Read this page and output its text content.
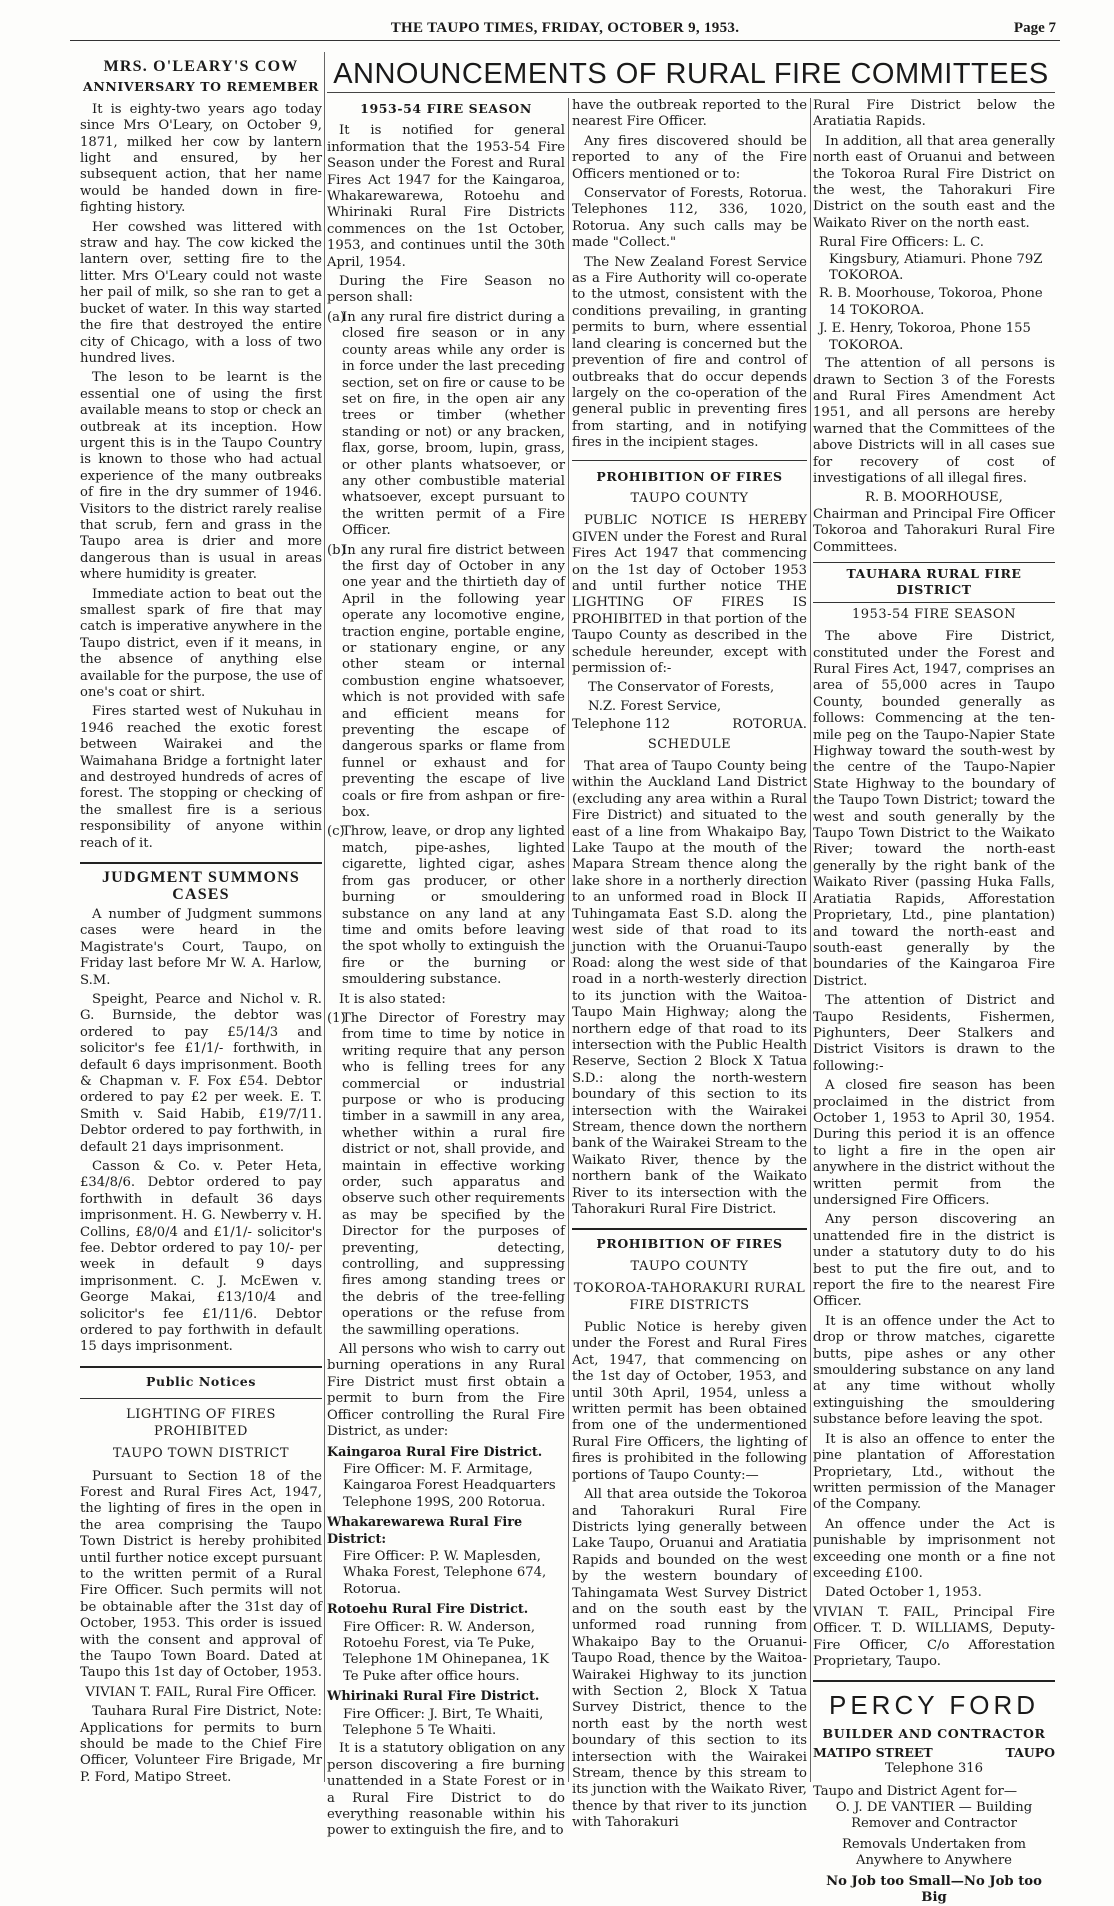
THE TAUPO TIMES, FRIDAY, OCTOBER 9, 1953.	Page 7
ANNOUNCEMENTS OF RURAL FIRE COMMITTEES
MRS. O'LEARY'S COW
ANNIVERSARY TO REMEMBER

It is eighty-two years ago today since Mrs O'Leary, on October 9, 1871, milked her cow by lantern light and ensured, by her subsequent action, that her name would be handed down in fire-fighting history.

Her cowshed was littered with straw and hay. The cow kicked the lantern over, setting fire to the litter. Mrs O'Leary could not waste her pail of milk, so she ran to get a bucket of water. In this way started the fire that destroyed the entire city of Chicago, with a loss of two hundred lives.

The leson to be learnt is the essential one of using the first available means to stop or check an outbreak at its inception. How urgent this is in the Taupo Country is known to those who had actual experience of the many outbreaks of fire in the dry summer of 1946. Visitors to the district rarely realise that scrub, fern and grass in the Taupo area is drier and more dangerous than is usual in areas where humidity is greater.

Immediate action to beat out the smallest spark of fire that may catch is imperative anywhere in the Taupo district, even if it means, in the absence of anything else available for the purpose, the use of one's coat or shirt.

Fires started west of Nukuhau in 1946 reached the exotic forest between Wairakei and the Waimahana Bridge a fortnight later and destroyed hundreds of acres of forest. The stopping or checking of the smallest fire is a serious responsibility of anyone within reach of it.

JUDGMENT SUMMONS CASES

A number of Judgment summons cases were heard in the Magistrate's Court, Taupo, on Friday last before Mr W. A. Harlow, S.M.

Speight, Pearce and Nichol v. R. G. Burnside, the debtor was ordered to pay £5/14/3 and solicitor's fee £1/1/- forthwith, in default 6 days imprisonment. Booth & Chapman v. F. Fox £54. Debtor ordered to pay £2 per week. E. T. Smith v. Said Habib, £19/7/11. Debtor ordered to pay forthwith, in default 21 days imprisonment.

Casson & Co. v. Peter Heta, £34/8/6. Debtor ordered to pay forthwith in default 36 days imprisonment. H. G. Newberry v. H. Collins, £8/0/4 and £1/1/- solicitor's fee. Debtor ordered to pay 10/- per week in default 9 days imprisonment. C. J. McEwen v. George Makai, £13/10/4 and solicitor's fee £1/11/6. Debtor ordered to pay forthwith in default 15 days imprisonment.

Public Notices
LIGHTING OF FIRES PROHIBITED
TAUPO TOWN DISTRICT

Pursuant to Section 18 of the Forest and Rural Fires Act, 1947, the lighting of fires in the open in the area comprising the Taupo Town District is hereby prohibited until further notice except pursuant to the written permit of a Rural Fire Officer. Such permits will not be obtainable after the 31st day of October, 1953. This order is issued with the consent and approval of the Taupo Town Board. Dated at Taupo this 1st day of October, 1953.

VIVIAN T. FAIL, Rural Fire Officer.

Tauhara Rural Fire District, Note: Applications for permits to burn should be made to the Chief Fire Officer, Volunteer Fire Brigade, Mr P. Ford, Matipo Street.

1953-54 FIRE SEASON

It is notified for general information that the 1953-54 Fire Season under the Forest and Rural Fires Act 1947 for the Kaingaroa, Whakarewarewa, Rotoehu and Whirinaki Rural Fire Districts commences on the 1st October, 1953, and continues until the 30th April, 1954.

During the Fire Season no person shall:

(a)In any rural fire district during a closed fire season or in any county areas while any order is in force under the last preceding section, set on fire or cause to be set on fire, in the open air any trees or timber (whether standing or not) or any bracken, flax, gorse, broom, lupin, grass, or other plants whatsoever, or any other combustible material whatsoever, except pursuant to the written permit of a Fire Officer.
(b)In any rural fire district between the first day of October in any one year and the thirtieth day of April in the following year operate any locomotive engine, traction engine, portable engine, or stationary engine, or any other steam or internal combustion engine whatsoever, which is not provided with safe and efficient means for preventing the escape of dangerous sparks or flame from funnel or exhaust and for preventing the escape of live coals or fire from ashpan or fire-box.
(c)Throw, leave, or drop any lighted match, pipe-ashes, lighted cigarette, lighted cigar, ashes from gas producer, or other burning or smouldering substance on any land at any time and omits before leaving the spot wholly to extinguish the fire or the burning or smouldering substance.

It is also stated:

(1)The Director of Forestry may from time to time by notice in writing require that any person who is felling trees for any commercial or industrial purpose or who is producing timber in a sawmill in any area, whether within a rural fire district or not, shall provide, and maintain in effective working order, such apparatus and observe such other requirements as may be specified by the Director for the purposes of preventing, detecting, controlling, and suppressing fires among standing trees or the debris of the tree-felling operations or the refuse from the sawmilling operations.

All persons who wish to carry out burning operations in any Rural Fire District must first obtain a permit to burn from the Fire Officer controlling the Rural Fire District, as under:

Kaingaroa Rural Fire District.
Fire Officer: M. F. Armitage, Kaingaroa Forest Headquarters Telephone 199S, 200 Rotorua.
Whakarewarewa Rural Fire District:
Fire Officer: P. W. Maplesden, Whaka Forest, Telephone 674, Rotorua.
Rotoehu Rural Fire District.
Fire Officer: R. W. Anderson, Rotoehu Forest, via Te Puke, Telephone 1M Ohinepanea, 1K Te Puke after office hours.
Whirinaki Rural Fire District.
Fire Officer: J. Birt, Te Whaiti, Telephone 5 Te Whaiti.

It is a statutory obligation on any person discovering a fire burning unattended in a State Forest or in a Rural Fire District to do everything reasonable within his power to extinguish the fire, and to

have the outbreak reported to the nearest Fire Officer.

Any fires discovered should be reported to any of the Fire Officers mentioned or to:

Conservator of Forests, Rotorua. Telephones 112, 336, 1020, Rotorua. Any such calls may be made "Collect."

The New Zealand Forest Service as a Fire Authority will co-operate to the utmost, consistent with the conditions prevailing, in granting permits to burn, where essential land clearing is concerned but the prevention of fire and control of outbreaks that do occur depends largely on the co-operation of the general public in preventing fires from starting, and in notifying fires in the incipient stages.

PROHIBITION OF FIRES
TAUPO COUNTY

PUBLIC NOTICE IS HEREBY GIVEN under the Forest and Rural Fires Act 1947 that commencing on the 1st day of October 1953 and until further notice THE LIGHTING OF FIRES IS PROHIBITED in that portion of the Taupo County as described in the schedule hereunder, except with permission of:-

The Conservator of Forests,
N.Z. Forest Service,
Telephone 112	ROTORUA.
SCHEDULE

That area of Taupo County being within the Auckland Land District (excluding any area within a Rural Fire District) and situated to the east of a line from Whakaipo Bay, Lake Taupo at the mouth of the Mapara Stream thence along the lake shore in a northerly direction to an unformed road in Block II Tuhingamata East S.D. along the west side of that road to its junction with the Oruanui-Taupo Road: along the west side of that road in a north-westerly direction to its junction with the Waitoa-Taupo Main Highway; along the northern edge of that road to its intersection with the Public Health Reserve, Section 2 Block X Tatua S.D.: along the north-western boundary of this section to its intersection with the Wairakei Stream, thence down the northern bank of the Wairakei Stream to the Waikato River, thence by the northern bank of the Waikato River to its intersection with the Tahorakuri Rural Fire District.

PROHIBITION OF FIRES
TAUPO COUNTY
TOKOROA-TAHORAKURI RURAL FIRE DISTRICTS

Public Notice is hereby given under the Forest and Rural Fires Act, 1947, that commencing on the 1st day of October, 1953, and until 30th April, 1954, unless a written permit has been obtained from one of the undermentioned Rural Fire Officers, the lighting of fires is prohibited in the following portions of Taupo County:—

All that area outside the Tokoroa and Tahorakuri Rural Fire Districts lying generally between Lake Taupo, Oruanui and Aratiatia Rapids and bounded on the west by the western boundary of Tahingamata West Survey District and on the south east by the unformed road running from Whakaipo Bay to the Oruanui-Taupo Road, thence by the Waitoa-Wairakei Highway to its junction with Section 2, Block X Tatua Survey District, thence to the north east by the north west boundary of this section to its intersection with the Wairakei Stream, thence by this stream to its junction with the Waikato River, thence by that river to its junction with Tahorakuri

Rural Fire District below the Aratiatia Rapids.

In addition, all that area generally north east of Oruanui and between the Tokoroa Rural Fire District on the west, the Tahorakuri Fire District on the south east and the Waikato River on the north east.

Rural Fire Officers: L. C. Kingsbury, Atiamuri. Phone 79Z TOKOROA.
R. B. Moorhouse, Tokoroa, Phone 14 TOKOROA.
J. E. Henry, Tokoroa, Phone 155 TOKOROA.

The attention of all persons is drawn to Section 3 of the Forests and Rural Fires Amendment Act 1951, and all persons are hereby warned that the Committees of the above Districts will in all cases sue for recovery of cost of investigations of all illegal fires.

R. B. MOORHOUSE,

Chairman and Principal Fire Officer Tokoroa and Tahorakuri Rural Fire Committees.

TAUHARA RURAL FIRE DISTRICT
1953-54 FIRE SEASON

The above Fire District, constituted under the Forest and Rural Fires Act, 1947, comprises an area of 55,000 acres in Taupo County, bounded generally as follows: Commencing at the ten-mile peg on the Taupo-Napier State Highway toward the south-west by the centre of the Taupo-Napier State Highway to the boundary of the Taupo Town District; toward the west and south generally by the Taupo Town District to the Waikato River; toward the north-east generally by the right bank of the Waikato River (passing Huka Falls, Aratiatia Rapids, Afforestation Proprietary, Ltd., pine plantation) and toward the north-east and south-east generally by the boundaries of the Kaingaroa Fire District.

The attention of District and Taupo Residents, Fishermen, Pighunters, Deer Stalkers and District Visitors is drawn to the following:-

A closed fire season has been proclaimed in the district from October 1, 1953 to April 30, 1954. During this period it is an offence to light a fire in the open air anywhere in the district without the written permit from the undersigned Fire Officers.

Any person discovering an unattended fire in the district is under a statutory duty to do his best to put the fire out, and to report the fire to the nearest Fire Officer.

It is an offence under the Act to drop or throw matches, cigarette butts, pipe ashes or any other smouldering substance on any land at any time without wholly extinguishing the smouldering substance before leaving the spot.

It is also an offence to enter the pine plantation of Afforestation Proprietary, Ltd., without the written permission of the Manager of the Company.

An offence under the Act is punishable by imprisonment not exceeding one month or a fine not exceeding £100.

Dated October 1, 1953.

VIVIAN T. FAIL, Principal Fire Officer. T. D. WILLIAMS, Deputy-Fire Officer, C/o Afforestation Proprietary, Taupo.

PERCY FORD
BUILDER AND CONTRACTOR
MATIPO STREET	TAUPO
Telephone 316
Taupo and District Agent for—
O. J. DE VANTIER — Building Remover and Contractor
Removals Undertaken from Anywhere to Anywhere
No Job too Small—No Job too Big
